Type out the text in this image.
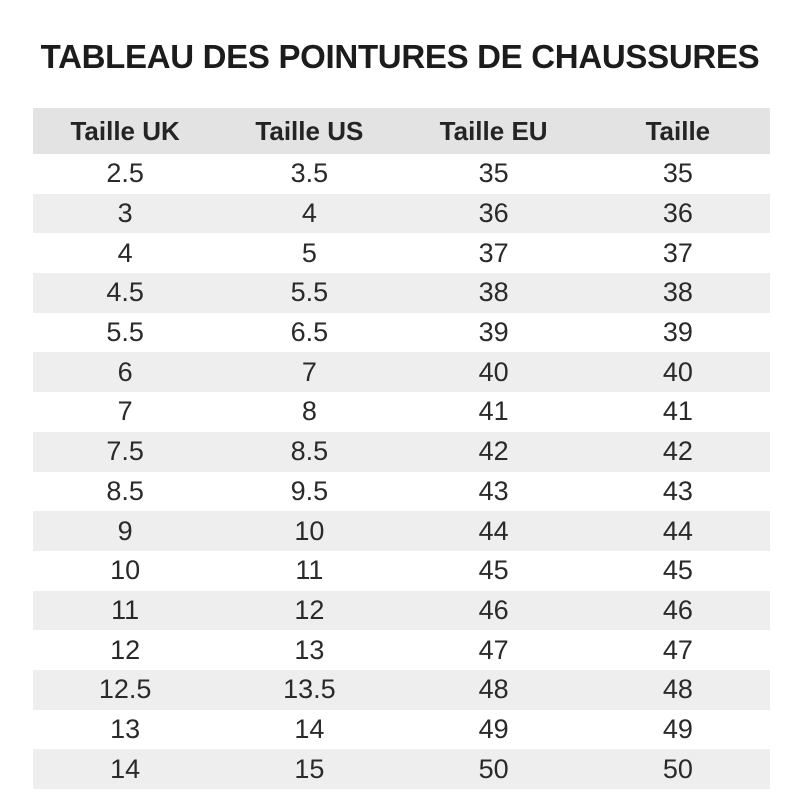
TABLEAU DES POINTURES DE CHAUSSURES
Taille UK	Taille US	Taille EU	Taille
2.5	3.5	35	35
3	4	36	36
4	5	37	37
4.5	5.5	38	38
5.5	6.5	39	39
6	7	40	40
7	8	41	41
7.5	8.5	42	42
8.5	9.5	43	43
9	10	44	44
10	11	45	45
11	12	46	46
12	13	47	47
12.5	13.5	48	48
13	14	49	49
14	15	50	50
